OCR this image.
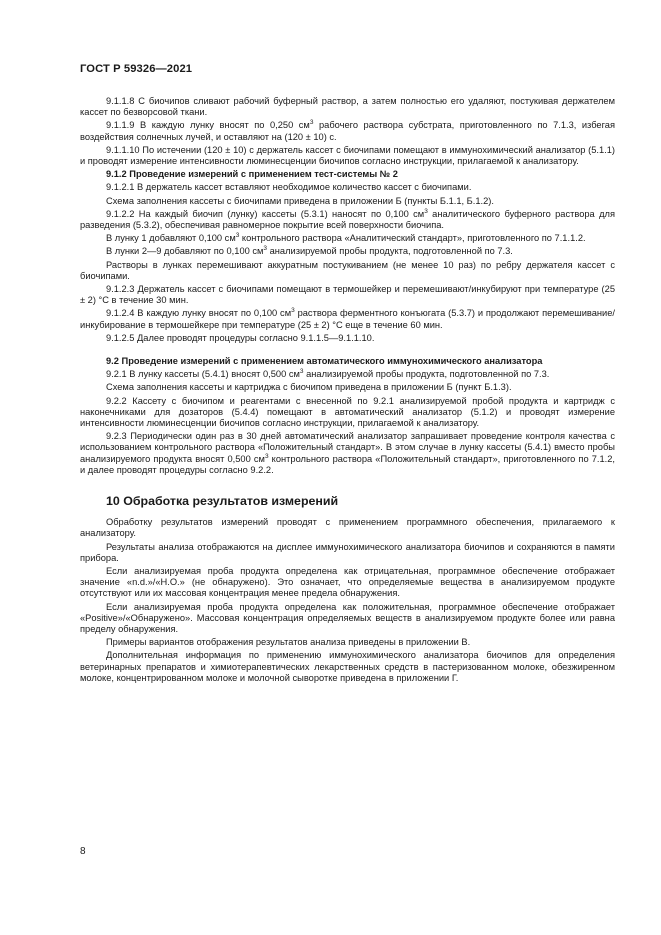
ГОСТ Р 59326—2021
9.1.1.8 С биочипов сливают рабочий буферный раствор, а затем полностью его удаляют, постукивая держателем кассет по безворсовой ткани.
9.1.1.9 В каждую лунку вносят по 0,250 $см^3$ рабочего раствора субстрата, приготовленного по 7.1.3, избегая воздействия солнечных лучей, и оставляют на (120 ± 10) с.
9.1.1.10 По истечении (120 ± 10) с держатель кассет с биочипами помещают в иммунохимический анализатор (5.1.1) и проводят измерение интенсивности люминесценции биочипов согласно инструкции, прилагаемой к анализатору.
9.1.2 Проведение измерений с применением тест-системы № 2
9.1.2.1 В держатель кассет вставляют необходимое количество кассет с биочипами.
Схема заполнения кассеты с биочипами приведена в приложении Б (пункты Б.1.1, Б.1.2).
9.1.2.2 На каждый биочип (лунку) кассеты (5.3.1) наносят по 0,100 $см^3$ аналитического буферного раствора для разведения (5.3.2), обеспечивая равномерное покрытие всей поверхности биочипа.
В лунку 1 добавляют 0,100 $см^3$ контрольного раствора «Аналитический стандарт», приготовленного по 7.1.1.2.
В лунки 2—9 добавляют по 0,100 $см^3$ анализируемой пробы продукта, подготовленной по 7.3.
Растворы в лунках перемешивают аккуратным постукиванием (не менее 10 раз) по ребру держателя кассет с биочипами.
9.1.2.3 Держатель кассет с биочипами помещают в термошейкер и перемешивают/инкубируют при температуре (25 ± 2) °С в течение 30 мин.
9.1.2.4 В каждую лунку вносят по 0,100 $см^3$ раствора ферментного конъюгата (5.3.7) и продолжают перемешивание/инкубирование в термошейкере при температуре (25 ± 2) °С еще в течение 60 мин.
9.1.2.5 Далее проводят процедуры согласно 9.1.1.5—9.1.1.10.
9.2 Проведение измерений с применением автоматического иммунохимического анализатора
9.2.1 В лунку кассеты (5.4.1) вносят 0,500 $см^3$ анализируемой пробы продукта, подготовленной по 7.3.
Схема заполнения кассеты и картриджа с биочипом приведена в приложении Б (пункт Б.1.3).
9.2.2 Кассету с биочипом и реагентами с внесенной по 9.2.1 анализируемой пробой продукта и картридж с наконечниками для дозаторов (5.4.4) помещают в автоматический анализатор (5.1.2) и проводят измерение интенсивности люминесценции биочипов согласно инструкции, прилагаемой к анализатору.
9.2.3 Периодически один раз в 30 дней автоматический анализатор запрашивает проведение контроля качества с использованием контрольного раствора «Положительный стандарт». В этом случае в лунку кассеты (5.4.1) вместо пробы анализируемого продукта вносят 0,500 $см^3$ контрольного раствора «Положительный стандарт», приготовленного по 7.1.2, и далее проводят процедуры согласно 9.2.2.
10 Обработка результатов измерений
Обработку результатов измерений проводят с применением программного обеспечения, прилагаемого к анализатору.
Результаты анализа отображаются на дисплее иммунохимического анализатора биочипов и сохраняются в памяти прибора.
Если анализируемая проба продукта определена как отрицательная, программное обеспечение отображает значение «n.d.»/«Н.О.» (не обнаружено). Это означает, что определяемые вещества в анализируемом продукте отсутствуют или их массовая концентрация менее предела обнаружения.
Если анализируемая проба продукта определена как положительная, программное обеспечение отображает «Positive»/«Обнаружено». Массовая концентрация определяемых веществ в анализируемом продукте более или равна пределу обнаружения.
Примеры вариантов отображения результатов анализа приведены в приложении В.
Дополнительная информация по применению иммунохимического анализатора биочипов для определения ветеринарных препаратов и химиотерапевтических лекарственных средств в пастеризованном молоке, обезжиренном молоке, концентрированном молоке и молочной сыворотке приведена в приложении Г.
8
